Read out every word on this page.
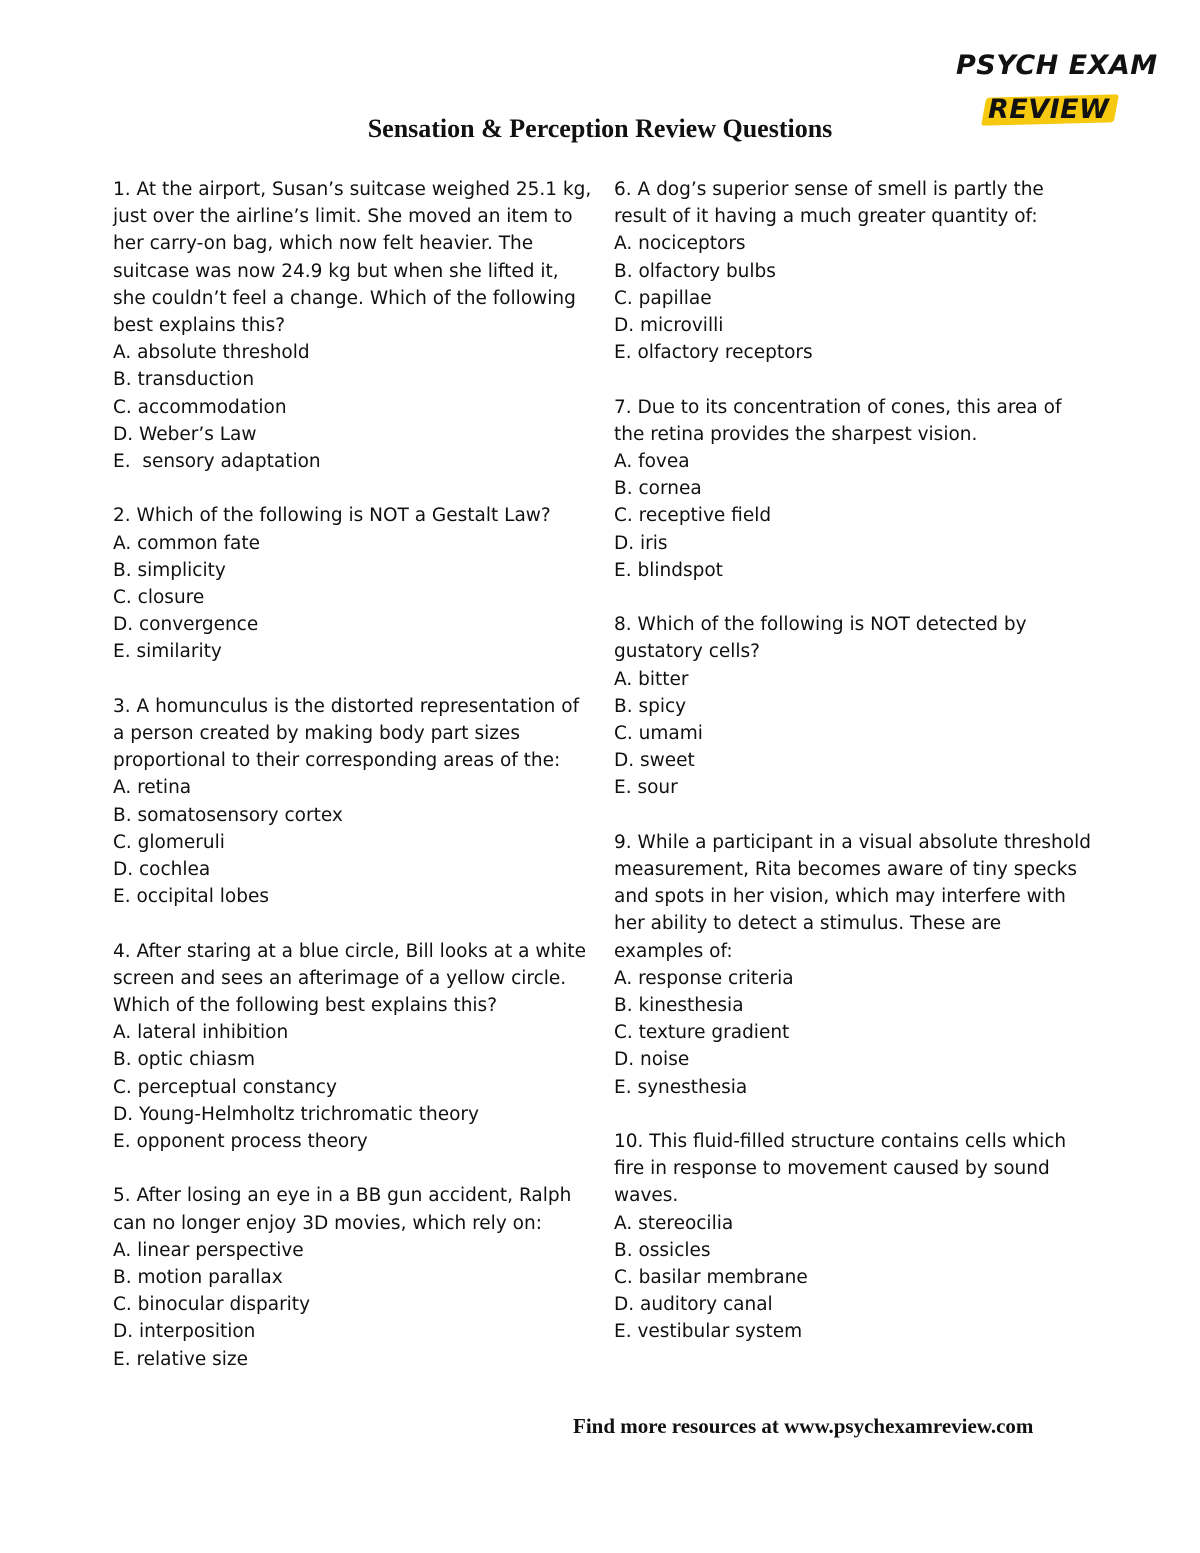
PSYCH EXAM
REVIEW
Sensation & Perception Review Questions
1. At the airport, Susan’s suitcase weighed 25.1 kg, just over the airline’s limit. She moved an item to her carry-on bag, which now felt heavier. The suitcase was now 24.9 kg but when she lifted it, she couldn’t feel a change. Which of the following best explains this?
A. absolute threshold
B. transduction
C. accommodation
D. Weber’s Law
E.  sensory adaptation
2. Which of the following is NOT a Gestalt Law?
A. common fate
B. simplicity
C. closure
D. convergence
E. similarity
3. A homunculus is the distorted representation of a person created by making body part sizes proportional to their corresponding areas of the:
A. retina
B. somatosensory cortex
C. glomeruli
D. cochlea
E. occipital lobes
4. After staring at a blue circle, Bill looks at a white screen and sees an afterimage of a yellow circle. Which of the following best explains this?
A. lateral inhibition
B. optic chiasm
C. perceptual constancy
D. Young-Helmholtz trichromatic theory
E. opponent process theory
5. After losing an eye in a BB gun accident, Ralph can no longer enjoy 3D movies, which rely on:
A. linear perspective
B. motion parallax
C. binocular disparity
D. interposition
E. relative size
6. A dog’s superior sense of smell is partly the result of it having a much greater quantity of:
A. nociceptors
B. olfactory bulbs
C. papillae
D. microvilli
E. olfactory receptors
7. Due to its concentration of cones, this area of the retina provides the sharpest vision.
A. fovea
B. cornea
C. receptive field
D. iris
E. blindspot
8. Which of the following is NOT detected by gustatory cells?
A. bitter
B. spicy
C. umami
D. sweet
E. sour
9. While a participant in a visual absolute threshold measurement, Rita becomes aware of tiny specks and spots in her vision, which may interfere with her ability to detect a stimulus. These are examples of:
A. response criteria
B. kinesthesia
C. texture gradient
D. noise
E. synesthesia
10. This fluid-filled structure contains cells which fire in response to movement caused by sound waves.
A. stereocilia
B. ossicles
C. basilar membrane
D. auditory canal
E. vestibular system
Find more resources at www.psychexamreview.com
